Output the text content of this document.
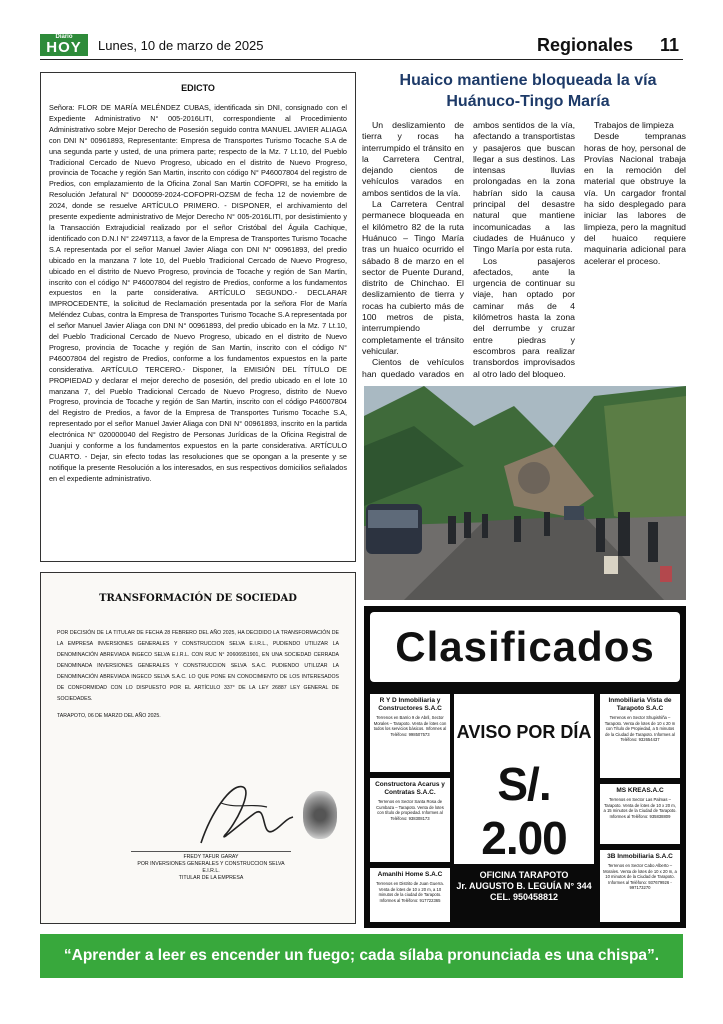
Diario
HOY	Lunes, 10 de marzo de 2025	Regionales 11
EDICTO

Señora: FLOR DE MARÍA MELÉNDEZ CUBAS, identificada sin DNI, consignado con el Expediente Administrativo N° 005-2016LITI, correspondiente al Procedimiento Administrativo sobre Mejor Derecho de Posesión seguido contra MANUEL JAVIER ALIAGA con DNI N° 00961893, Representante: Empresa de Transportes Turismo Tocache S.A de una segunda parte y usted, de una primera parte; respecto de la Mz. 7 Lt.10, del Pueblo Tradicional Cercado de Nuevo Progreso, ubicado en el distrito de Nuevo Progreso, provincia de Tocache y región San Martin, inscrito con código N° P46007804 del registro de Predios, con emplazamiento de la Oficina Zonal San Martin COFOPRI, se ha emitido la Resolución Jefatural N° D000059-2024-COFOPRI-OZSM de fecha 12 de noviembre de 2024, donde se resuelve ARTÍCULO PRIMERO. - DISPONER, el archivamiento del presente expediente administrativo de Mejor Derecho N° 005-2016LITI, por desistimiento y la Transacción Extrajudicial realizado por el señor Cristóbal del Águila Cachique, identificado con D.N.I N° 22497113, a favor de la Empresa de Transportes Turismo Tocache S.A representada por el señor Manuel Javier Aliaga con DNI N° 00961893, del predio ubicado en la manzana 7 lote 10, del Pueblo Tradicional Cercado de Nuevo Progreso, ubicado en el distrito de Nuevo Progreso, provincia de Tocache y región de San Martin, inscrito con el código N° P46007804 del registro de Predios, conforme a los fundamentos expuestos en la parte considerativa. ARTÍCULO SEGUNDO.- DECLARAR IMPROCEDENTE, la solicitud de Reclamación presentada por la señora Flor de María Meléndez Cubas, contra la Empresa de Transportes Turismo Tocache S.A representada por el señor Manuel Javier Aliaga con DNI N° 00961893, del predio ubicado en la Mz. 7 Lt.10, del Pueblo Tradicional Cercado de Nuevo Progreso, ubicado en el distrito de Nuevo Progreso, provincia de Tocache y región de San Martin, inscrito con el código N° P46007804 del registro de Predios, conforme a los fundamentos expuestos en la parte considerativa. ARTÍCULO TERCERO.- Disponer, la EMISIÓN DEL TÍTULO DE PROPIEDAD y declarar el mejor derecho de posesión, del predio ubicado en el lote 10 manzana 7, del Pueblo Tradicional Cercado de Nuevo Progreso, distrito de Nuevo Progreso, provincia de Tocache y región de San Martin, inscrito con el código P46007804 del Registro de Predios, a favor de la Empresa de Transportes Turismo Tocache S.A, representado por el señor Manuel Javier Aliaga con DNI N° 00961893, inscrito en la partida electrónica N° 020000040 del Registro de Personas Jurídicas de la Oficina Registral de Juanjui y conforme a los fundamentos expuestos en la parte considerativa. ARTÍCULO CUARTO. - Dejar, sin efecto todas las resoluciones que se opongan a la presente y se notifique la presente Resolución a los interesados, en sus respectivos domicilios señalados en el expediente administrativo.

TRANSFORMACIÓN DE SOCIEDAD

POR DECISIÓN DE LA TITULAR DE FECHA 28 FEBRERO DEL AÑO 2025, HA DECIDIDO LA TRANSFORMACIÓN DE LA EMPRESA INVERSIONES GENERALES Y CONSTRUCCION SELVA E.I.R.L., PUDIENDO UTILIZAR LA DENOMINACIÓN ABREVIADA INGECO SELVA E.I.R.L. CON RUC N° 20606951901, EN UNA SOCIEDAD CERRADA DENOMINADA INVERSIONES GENERALES Y CONSTRUCCION SELVA S.A.C. PUDIENDO UTILIZAR LA DENOMINACIÓN ABREVIADA INGECO SELVA S.A.C. LO QUE PONE EN CONOCIMIENTO DE LOS INTERESADOS DE CONFORMIDAD CON LO DISPUESTO POR EL ARTÍCULO 337° DE LA LEY 26887 LEY GENERAL DE SOCIEDADES.

TARAPOTO, 06 DE MARZO DEL AÑO 2025.

FREDY TAFUR GARAY
POR INVERSIONES GENERALES Y CONSTRUCCION SELVA E.I.R.L.
TITULAR DE LA EMPRESA
Huaico mantiene bloqueada la vía
Huánuco-Tingo María

Un deslizamiento de tierra y rocas ha interrumpido el tránsito en la Carretera Central, dejando cientos de vehículos varados en ambos sentidos de la vía.

La Carretera Central permanece bloqueada en el kilómetro 82 de la ruta Huánuco – Tingo María tras un huaico ocurrido el sábado 8 de marzo en el sector de Puente Durand, distrito de Chinchao. El deslizamiento de tierra y rocas ha cubierto más de 100 metros de pista, interrumpiendo completamente el tránsito vehicular.

Cientos de vehículos han quedado varados en ambos sentidos de la vía, afectando a transportistas y pasajeros que buscan llegar a sus destinos. Las intensas lluvias prolongadas en la zona habrían sido la causa principal del desastre natural que mantiene incomunicadas a las ciudades de Huánuco y Tingo María por esta ruta.

Los pasajeros afectados, ante la urgencia de continuar su viaje, han optado por caminar más de 4 kilómetros hasta la zona del derrumbe y cruzar entre piedras y escombros para realizar transbordos improvisados al otro lado del bloqueo.

Trabajos de limpieza

Desde tempranas horas de hoy, personal de Provías Nacional trabaja en la remoción del material que obstruye la vía. Un cargador frontal ha sido desplegado para iniciar las labores de limpieza, pero la magnitud del huaico requiere maquinaria adicional para acelerar el proceso.

Clasificados
R Y D Inmobiliaria y Constructores S.A.C
Terrenos en Barrio 9 de Abril, Sector Morales – Tarapoto. Venta de lotes con todos los servicios básicos. Informes al Teléfono: 998507573
Constructora Acarus y Contratas S.A.C.
Terrenos en Sector Santa Rosa de Cumbaza – Tarapoto. Venta de lotes con título de propiedad. Informes al Teléfono: 938308173
Amanlhi Home S.A.C
Terrenos en Distrito de Juan Guerra. Venta de lotes de 10 x 20 m, a 10 minutos de la ciudad de Tarapoto. Informes al Teléfono: 917722365
AVISO POR DÍA
S/. 2.00
OFICINA TARAPOTO
Jr. AUGUSTO B. LEGUÍA N° 344
CEL. 950458812
Inmobiliaria Vista de Tarapoto S.A.C
Terrenos en Sector Shupishiña – Tarapoto. Venta de lotes de 10 x 20 m con Título de Propiedad, a 5 minutos de la Ciudad de Tarapoto. Informes al Teléfono: 932654437
MS KREAS.A.C
Terrenos en Sector Las Palmas – Tarapoto. Venta de lotes de 10 x 20 m, a 15 minutos de la Ciudad de Tarapoto. Informes al Teléfono: 935838809
3B Inmobiliaria S.A.C
Terrenos en Sector Cabo Alberto – Morales. Venta de lotes de 10 x 20 m, a 10 minutos de la Ciudad de Tarapoto. Informes al Teléfono: 937679926 - 997173270
“Aprender a leer es encender un fuego; cada sílaba pronunciada es una chispa”.
